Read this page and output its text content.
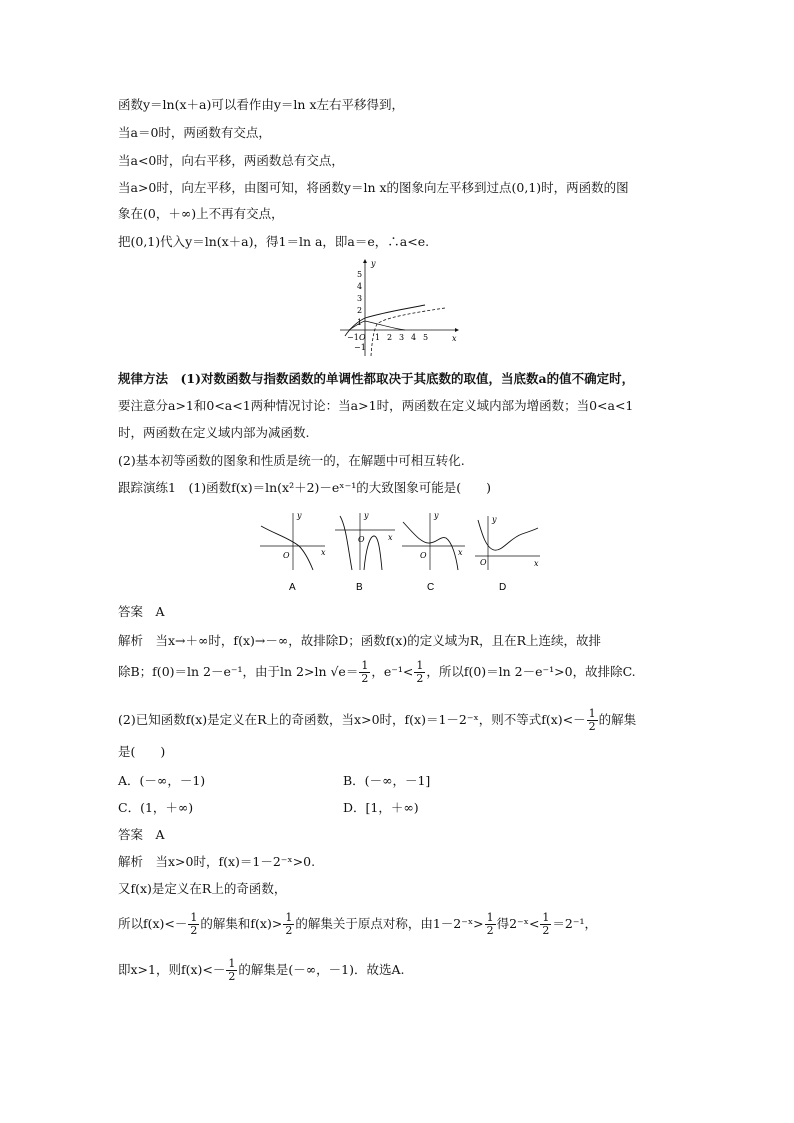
函数y＝ln(x＋a)可以看作由y＝ln x左右平移得到，
当a＝0时，两函数有交点，
当a<0时，向右平移，两函数总有交点，
当a>0时，向左平移，由图可知，将函数y＝ln x的图象向左平移到过点(0,1)时，两函数的图
象在(0，＋∞)上不再有交点，
把(0,1)代入y＝ln(x＋a)，得1＝ln a，即a＝e，∴a<e.
y
x
5
4
3
2
1
−1
−1 O 1 2 3 4 5
规律方法　(1)对数函数与指数函数的单调性都取决于其底数的取值，当底数a的值不确定时，
要注意分a>1和0<a<1两种情况讨论：当a>1时，两函数在定义域内部为增函数；当0<a<1
时，两函数在定义域内部为减函数.
(2)基本初等函数的图象和性质是统一的，在解题中可相互转化.
跟踪演练1　(1)函数f(x)＝ln(x²＋2)－eˣ⁻¹的大致图象可能是(　　)
y
x
O
y
x
O
y
x
O
y
x
O
A	B	C	D
答案　A
解析　当x→＋∞时，f(x)→－∞，故排除D；函数f(x)的定义域为R，且在R上连续，故排
除B；f(0)＝ln 2－e⁻¹，由于ln 2>ln $√e= \frac{1}{2}$ ，$e^{-1}< \frac{1}{2}$ ，所以f(0)＝ln 2－e⁻¹>0，故排除C.
(2)已知函数f(x)是定义在R上的奇函数，当x>0时，f(x)＝1－2⁻ˣ，则不等式$f(x)<- \frac{1}{2}$ 的解集
是(　　)
A．(－∞，－1)	B．(－∞，－1]
C．(1，＋∞)	D．[1，＋∞)
答案　A
解析　当x>0时，f(x)＝1－2⁻ˣ>0.
又f(x)是定义在R上的奇函数，
所以$f(x)<- \frac{1}{2}$ 的解集和$f(x)> \frac{1}{2}$ 的解集关于原点对称，由1－2⁻ˣ> $\frac{1}{2}$ 得2⁻ˣ< $\frac{1}{2} =2^{-1}$，
即x>1，则$f(x)<- \frac{1}{2}$ 的解集是(－∞，－1)．故选A.
